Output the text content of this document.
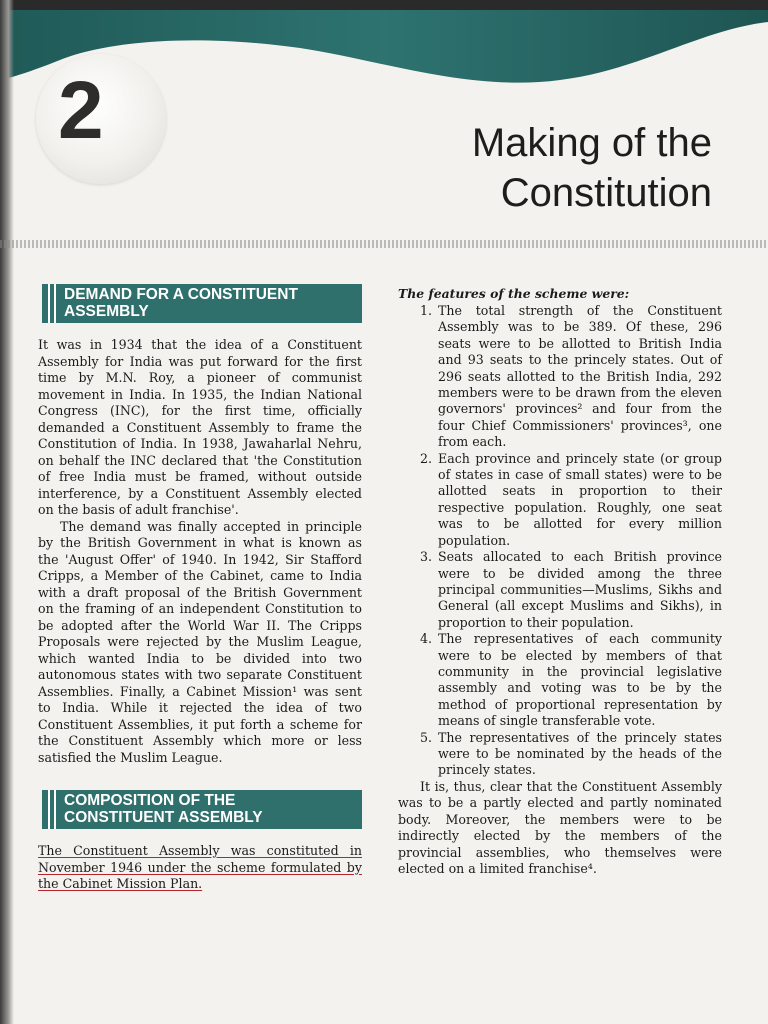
2	Making of the
Constitution
DEMAND FOR A CONSTITUENT
ASSEMBLY

It was in 1934 that the idea of a Constituent Assembly for India was put forward for the first time by M.N. Roy, a pioneer of communist movement in India. In 1935, the Indian National Congress (INC), for the first time, officially demanded a Constituent Assembly to frame the Constitution of India. In 1938, Jawaharlal Nehru, on behalf the INC declared that 'the Constitution of free India must be framed, without outside interference, by a Constituent Assembly elected on the basis of adult franchise'.

The demand was finally accepted in principle by the British Government in what is known as the 'August Offer' of 1940. In 1942, Sir Stafford Cripps, a Member of the Cabinet, came to India with a draft proposal of the British Government on the framing of an independent Constitution to be adopted after the World War II. The Cripps Proposals were rejected by the Muslim League, which wanted India to be divided into two autonomous states with two separate Constituent Assemblies. Finally, a Cabinet Mission¹ was sent to India. While it rejected the idea of two Constituent Assemblies, it put forth a scheme for the Constituent Assembly which more or less satisfied the Muslim League.

COMPOSITION OF THE
CONSTITUENT ASSEMBLY

The Constituent Assembly was constituted in November 1946 under the scheme formulated by the Cabinet Mission Plan.

The features of the scheme were:
1. The total strength of the Constituent Assembly was to be 389. Of these, 296 seats were to be allotted to British India and 93 seats to the princely states. Out of 296 seats allotted to the British India, 292 members were to be drawn from the eleven governors' provinces² and four from the four Chief Commissioners' provinces³, one from each.
2. Each province and princely state (or group of states in case of small states) were to be allotted seats in proportion to their respective population. Roughly, one seat was to be allotted for every million population.
3. Seats allocated to each British province were to be divided among the three principal communities—Muslims, Sikhs and General (all except Muslims and Sikhs), in proportion to their population.
4. The representatives of each community were to be elected by members of that community in the provincial legislative assembly and voting was to be by the method of proportional representation by means of single transferable vote.
5. The representatives of the princely states were to be nominated by the heads of the princely states.

It is, thus, clear that the Constituent Assembly was to be a partly elected and partly nominated body. Moreover, the members were to be indirectly elected by the members of the provincial assemblies, who themselves were elected on a limited franchise⁴.
